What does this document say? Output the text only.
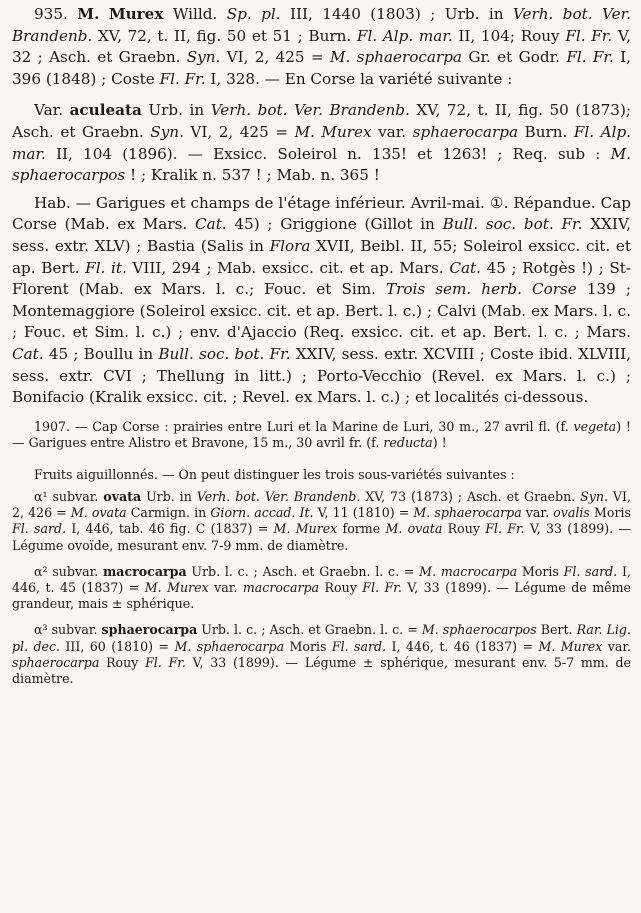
935. M. Murex Willd. Sp. pl. III, 1440 (1803) ; Urb. in Verh. bot. Ver. Brandenb. XV, 72, t. II, fig. 50 et 51 ; Burn. Fl. Alp. mar. II, 104; Rouy Fl. Fr. V, 32 ; Asch. et Graebn. Syn. VI, 2, 425 = M. sphaerocarpa Gr. et Godr. Fl. Fr. I, 396 (1848) ; Coste Fl. Fr. I, 328. — En Corse la variété suivante :

Var. aculeata Urb. in Verh. bot. Ver. Brandenb. XV, 72, t. II, fig. 50 (1873); Asch. et Graebn. Syn. VI, 2, 425 = M. Murex var. sphaerocarpa Burn. Fl. Alp. mar. II, 104 (1896). — Exsicc. Soleirol n. 135! et 1263! ; Req. sub : M. sphaerocarpos ! ; Kralik n. 537 ! ; Mab. n. 365 !

Hab. — Garigues et champs de l'étage inférieur. Avril-mai. ①. Répandue. Cap Corse (Mab. ex Mars. Cat. 45) ; Griggione (Gillot in Bull. soc. bot. Fr. XXIV, sess. extr. XLV) ; Bastia (Salis in Flora XVII, Beibl. II, 55; Soleirol exsicc. cit. et ap. Bert. Fl. it. VIII, 294 ; Mab. exsicc. cit. et ap. Mars. Cat. 45 ; Rotgès !) ; St-Florent (Mab. ex Mars. l. c.; Fouc. et Sim. Trois sem. herb. Corse 139 ; Montemaggiore (Soleirol exsicc. cit. et ap. Bert. l. c.) ; Calvi (Mab. ex Mars. l. c. ; Fouc. et Sim. l. c.) ; env. d'Ajaccio (Req. exsicc. cit. et ap. Bert. l. c. ; Mars. Cat. 45 ; Boullu in Bull. soc. bot. Fr. XXIV, sess. extr. XCVIII ; Coste ibid. XLVIII, sess. extr. CVI ; Thellung in litt.) ; Porto-Vecchio (Revel. ex Mars. l. c.) ; Bonifacio (Kralik exsicc. cit. ; Revel. ex Mars. l. c.) ; et localités ci-dessous.

1907. — Cap Corse : prairies entre Luri et la Marine de Luri, 30 m., 27 avril fl. (f. vegeta) ! — Garigues entre Alistro et Bravone, 15 m., 30 avril fr. (f. reducta) !

Fruits aiguillonnés. — On peut distinguer les trois sous-variétés suivantes :

α¹ subvar. ovata Urb. in Verh. bot. Ver. Brandenb. XV, 73 (1873) ; Asch. et Graebn. Syn. VI, 2, 426 = M. ovata Carmign. in Giorn. accad. It. V, 11 (1810) = M. sphaerocarpa var. ovalis Moris Fl. sard. I, 446, tab. 46 fig. C (1837) = M. Murex forme M. ovata Rouy Fl. Fr. V, 33 (1899). — Légume ovoïde, mesurant env. 7-9 mm. de diamètre.

α² subvar. macrocarpa Urb. l. c. ; Asch. et Graebn. l. c. = M. macrocarpa Moris Fl. sard. I, 446, t. 45 (1837) = M. Murex var. macrocarpa Rouy Fl. Fr. V, 33 (1899). — Légume de même grandeur, mais ± sphérique.

α³ subvar. sphaerocarpa Urb. l. c. ; Asch. et Graebn. l. c. = M. sphaerocarpos Bert. Rar. Lig. pl. dec. III, 60 (1810) = M. sphaerocarpa Moris Fl. sard. I, 446, t. 46 (1837) = M. Murex var. sphaerocarpa Rouy Fl. Fr. V, 33 (1899). — Légume ± sphérique, mesurant env. 5-7 mm. de diamètre.
